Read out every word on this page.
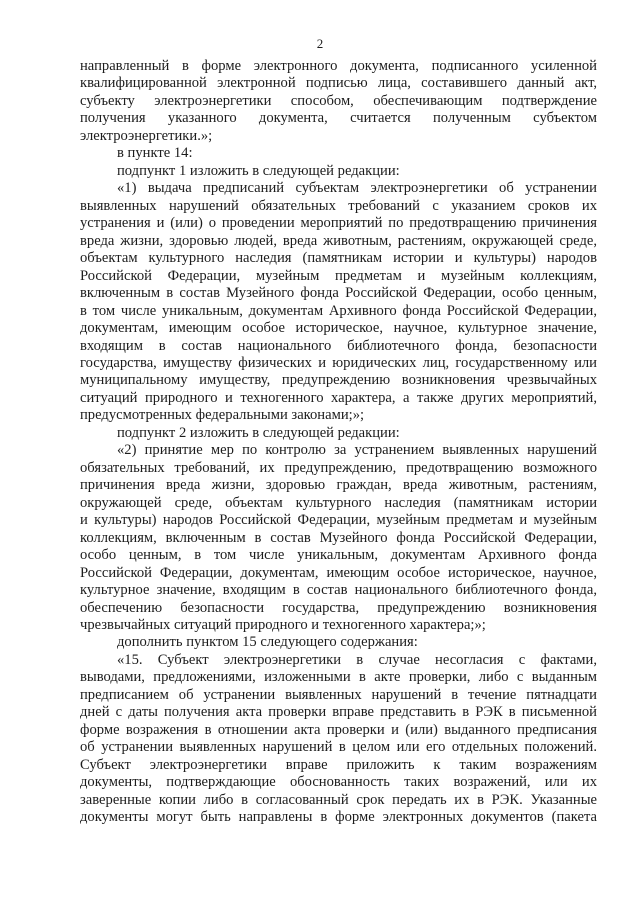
2
направленный в форме электронного документа, подписанного усиленной
квалифицированной электронной подписью лица, составившего данный акт,
субъекту электроэнергетики способом, обеспечивающим подтверждение
получения указанного документа, считается полученным субъектом
электроэнергетики.»;
в пункте 14:
подпункт 1 изложить в следующей редакции:
«1) выдача предписаний субъектам электроэнергетики об устранении
выявленных нарушений обязательных требований с указанием сроков их
устранения и (или) о проведении мероприятий по предотвращению причинения
вреда жизни, здоровью людей, вреда животным, растениям, окружающей среде,
объектам культурного наследия (памятникам истории и культуры) народов
Российской Федерации, музейным предметам и музейным коллекциям,
включенным в состав Музейного фонда Российской Федерации, особо ценным,
в том числе уникальным, документам Архивного фонда Российской Федерации,
документам, имеющим особое историческое, научное, культурное значение,
входящим в состав национального библиотечного фонда, безопасности
государства, имуществу физических и юридических лиц, государственному или
муниципальному имуществу, предупреждению возникновения чрезвычайных
ситуаций природного и техногенного характера, а также других мероприятий,
предусмотренных федеральными законами;»;
подпункт 2 изложить в следующей редакции:
«2) принятие мер по контролю за устранением выявленных нарушений
обязательных требований, их предупреждению, предотвращению возможного
причинения вреда жизни, здоровью граждан, вреда животным, растениям,
окружающей среде, объектам культурного наследия (памятникам истории
и культуры) народов Российской Федерации, музейным предметам и музейным
коллекциям, включенным в состав Музейного фонда Российской Федерации,
особо ценным, в том числе уникальным, документам Архивного фонда
Российской Федерации, документам, имеющим особое историческое, научное,
культурное значение, входящим в состав национального библиотечного фонда,
обеспечению безопасности государства, предупреждению возникновения
чрезвычайных ситуаций природного и техногенного характера;»;
дополнить пунктом 15 следующего содержания:
«15. Субъект электроэнергетики в случае несогласия с фактами,
выводами, предложениями, изложенными в акте проверки, либо с выданным
предписанием об устранении выявленных нарушений в течение пятнадцати
дней с даты получения акта проверки вправе представить в РЭК в письменной
форме возражения в отношении акта проверки и (или) выданного предписания
об устранении выявленных нарушений в целом или его отдельных положений.
Субъект электроэнергетики вправе приложить к таким возражениям
документы, подтверждающие обоснованность таких возражений, или их
заверенные копии либо в согласованный срок передать их в РЭК. Указанные
документы могут быть направлены в форме электронных документов (пакета
